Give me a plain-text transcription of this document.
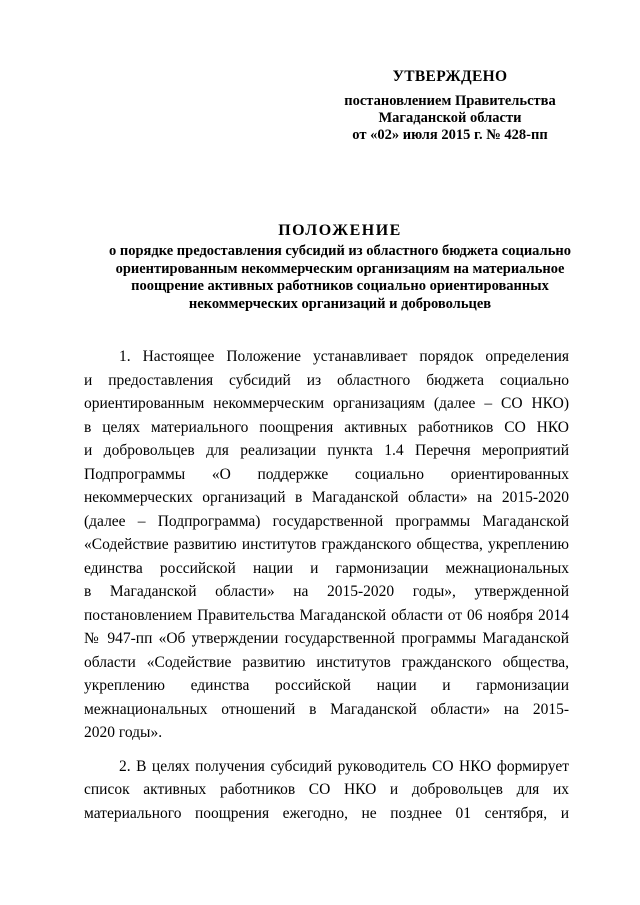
УТВЕРЖДЕНО
постановлением Правительства
Магаданской области
от «02» июля 2015 г. № 428-пп
ПОЛОЖЕНИЕ
о порядке предоставления субсидий из областного бюджета социально
ориентированным некоммерческим организациям на материальное
поощрение активных работников социально ориентированных
некоммерческих организаций и добровольцев
1. Настоящее Положение устанавливает порядок определения
и предоставления субсидий из областного бюджета социально
ориентированным некоммерческим организациям (далее – СО НКО)
в целях материального поощрения активных работников СО НКО
и добровольцев для реализации пункта 1.4 Перечня мероприятий
Подпрограммы «О поддержке социально ориентированных
некоммерческих организаций в Магаданской области» на 2015-2020
(далее – Подпрограмма) государственной программы Магаданской
«Содействие развитию институтов гражданского общества, укреплению
единства российской нации и гармонизации межнациональных
в Магаданской области» на 2015-2020 годы», утвержденной
постановлением Правительства Магаданской области от 06 ноября 2014
№ 947-пп «Об утверждении государственной программы Магаданской
области «Содействие развитию институтов гражданского общества,
укреплению единства российской нации и гармонизации
межнациональных отношений в Магаданской области» на 2015-
2020 годы».
2. В целях получения субсидий руководитель СО НКО формирует
список активных работников СО НКО и добровольцев для их
материального поощрения ежегодно, не позднее 01 сентября, и
